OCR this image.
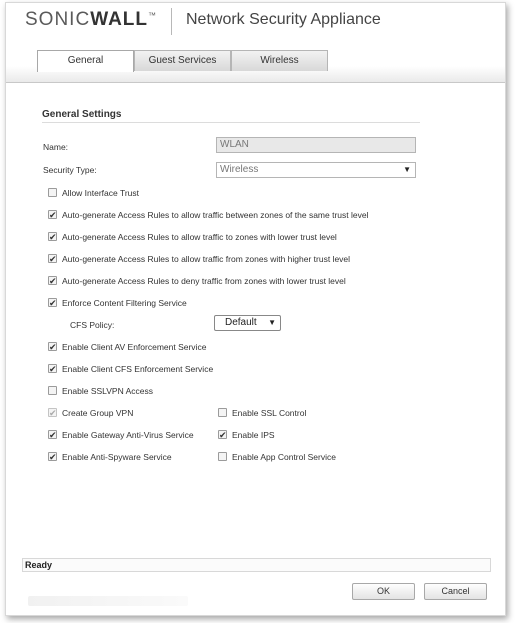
SONICWALL™ Network Security Appliance
General	Guest Services	Wireless
General Settings
Name:	WLAN
Security Type:	Wireless	▼
Allow Interface Trust
✔ Auto-generate Access Rules to allow traffic between zones of the same trust level
✔ Auto-generate Access Rules to allow traffic to zones with lower trust level
✔ Auto-generate Access Rules to allow traffic from zones with higher trust level
✔ Auto-generate Access Rules to deny traffic from zones with lower trust level
✔ Enforce Content Filtering Service
CFS Policy:	Default ▼
✔ Enable Client AV Enforcement Service
✔ Enable Client CFS Enforcement Service
Enable SSLVPN Access
✔ Create Group VPN	Enable SSL Control
✔ Enable Gateway Anti-Virus Service	✔ Enable IPS
✔ Enable Anti-Spyware Service	Enable App Control Service
Ready
OK	Cancel
